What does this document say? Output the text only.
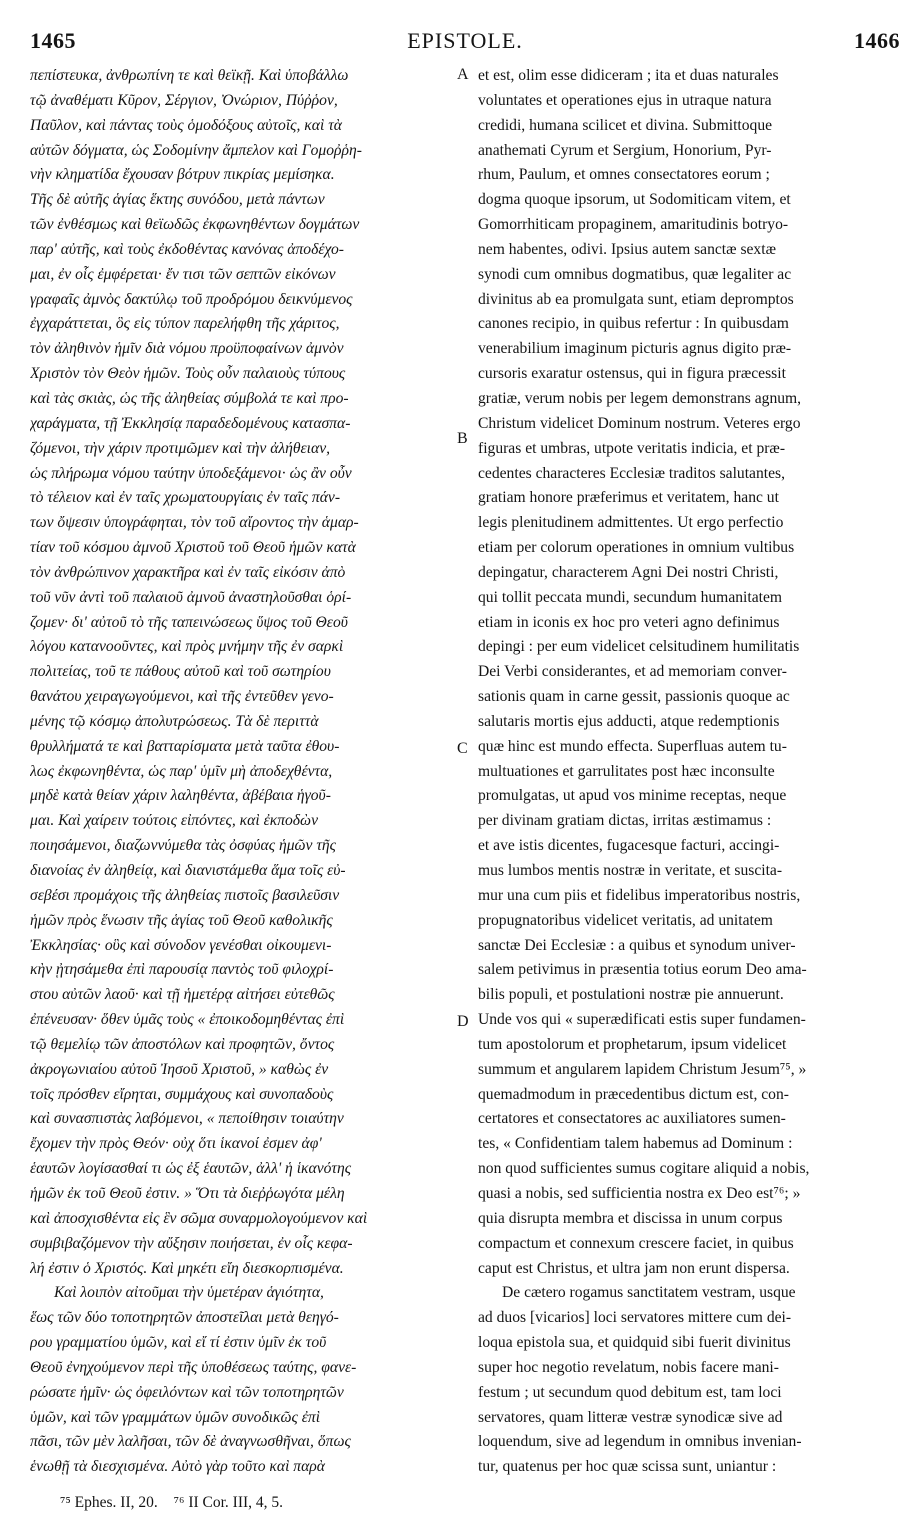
1465	EPISTOLE.	1466
πεπίστευκα, ἀνθρωπίνη τε καὶ θεϊκῇ. Καὶ ὑποβάλλω
τῷ ἀναθέματι Κῦρον, Σέργιον, Ὀνώριον, Πύῤῥον,
Παῦλον, καὶ πάντας τοὺς ὁμοδόξους αὐτοῖς, καὶ τὰ
αὐτῶν δόγματα, ὡς Σοδομίνην ἄμπελον καὶ Γομοῤῥη-
νὴν κληματίδα ἔχουσαν βότρυν πικρίας μεμίσηκα.
Τῆς δὲ αὐτῆς ἁγίας ἕκτης συνόδου, μετὰ πάντων
τῶν ἐνθέσμως καὶ θεϊωδῶς ἐκφωνηθέντων δογμάτων
παρ' αὐτῆς, καὶ τοὺς ἐκδοθέντας κανόνας ἀποδέχο-
μαι, ἐν οἷς ἐμφέρεται· ἔν τισι τῶν σεπτῶν εἰκόνων
γραφαῖς ἀμνὸς δακτύλῳ τοῦ προδρόμου δεικνύμενος
ἐγχαράττεται, ὃς εἰς τύπον παρελήφθη τῆς χάριτος,
τὸν ἀληθινὸν ἡμῖν διὰ νόμου προϋποφαίνων ἀμνὸν
Χριστὸν τὸν Θεὸν ἡμῶν. Τοὺς οὖν παλαιοὺς τύπους
καὶ τὰς σκιὰς, ὡς τῆς ἀληθείας σύμβολά τε καὶ προ-
χαράγματα, τῇ Ἐκκλησίᾳ παραδεδομένους κατασπα-
ζόμενοι, τὴν χάριν προτιμῶμεν καὶ τὴν ἀλήθειαν,
ὡς πλήρωμα νόμου ταύτην ὑποδεξάμενοι· ὡς ἂν οὖν
τὸ τέλειον καὶ ἐν ταῖς χρωματουργίαις ἐν ταῖς πάν-
των ὄψεσιν ὑπογράφηται, τὸν τοῦ αἴροντος τὴν ἁμαρ-
τίαν τοῦ κόσμου ἀμνοῦ Χριστοῦ τοῦ Θεοῦ ἡμῶν κατὰ
τὸν ἀνθρώπινον χαρακτῆρα καὶ ἐν ταῖς εἰκόσιν ἀπὸ
τοῦ νῦν ἀντὶ τοῦ παλαιοῦ ἀμνοῦ ἀναστηλοῦσθαι ὁρί-
ζομεν· δι' αὐτοῦ τὸ τῆς ταπεινώσεως ὕψος τοῦ Θεοῦ
λόγου κατανοοῦντες, καὶ πρὸς μνήμην τῆς ἐν σαρκὶ
πολιτείας, τοῦ τε πάθους αὐτοῦ καὶ τοῦ σωτηρίου
θανάτου χειραγωγούμενοι, καὶ τῆς ἐντεῦθεν γενο-
μένης τῷ κόσμῳ ἀπολυτρώσεως. Τὰ δὲ περιττὰ
θρυλλήματά τε καὶ βατταρίσματα μετὰ ταῦτα ἐθου-
λως ἐκφωνηθέντα, ὡς παρ' ὑμῖν μὴ ἀποδεχθέντα,
μηδὲ κατὰ θείαν χάριν λαληθέντα, ἀβέβαια ἡγοῦ-
μαι. Καὶ χαίρειν τούτοις εἰπόντες, καὶ ἐκποδὼν
ποιησάμενοι, διαζωννύμεθα τὰς ὀσφύας ἡμῶν τῆς
διανοίας ἐν ἀληθείᾳ, καὶ διανιστάμεθα ἅμα τοῖς εὐ-
σεβέσι προμάχοις τῆς ἀληθείας πιστοῖς βασιλεῦσιν
ἡμῶν πρὸς ἕνωσιν τῆς ἁγίας τοῦ Θεοῦ καθολικῆς
Ἐκκλησίας· οὓς καὶ σύνοδον γενέσθαι οἰκουμενι-
κὴν ᾐτησάμεθα ἐπὶ παρουσίᾳ παντὸς τοῦ φιλοχρί-
στου αὐτῶν λαοῦ· καὶ τῇ ἡμετέρᾳ αἰτήσει εὐτεθῶς
ἐπένευσαν· ὅθεν ὑμᾶς τοὺς « ἐποικοδομηθέντας ἐπὶ
τῷ θεμελίῳ τῶν ἀποστόλων καὶ προφητῶν, ὄντος
ἀκρογωνιαίου αὐτοῦ Ἰησοῦ Χριστοῦ, » καθὼς ἐν
τοῖς πρόσθεν εἴρηται, συμμάχους καὶ συνοπαδοὺς
καὶ συνασπιστὰς λαβόμενοι, « πεποίθησιν τοιαύτην
ἔχομεν τὴν πρὸς Θεόν· οὐχ ὅτι ἱκανοί ἐσμεν ἀφ'
ἑαυτῶν λογίσασθαί τι ὡς ἐξ ἑαυτῶν, ἀλλ' ἡ ἱκανότης
ἡμῶν ἐκ τοῦ Θεοῦ ἐστιν. » Ὅτι τὰ διεῤῥωγότα μέλη
καὶ ἀποσχισθέντα εἰς ἓν σῶμα συναρμολογούμενον καὶ
συμβιβαζόμενον τὴν αὔξησιν ποιήσεται, ἐν οἷς κεφα-
λή ἐστιν ὁ Χριστός. Καὶ μηκέτι εἴη διεσκορπισμένα.
Καὶ λοιπὸν αἰτοῦμαι τὴν ὑμετέραν ἁγιότητα,
ἕως τῶν δύο τοποτηρητῶν ἀποστεῖλαι μετὰ θεηγό-
ρου γραμματίου ὑμῶν, καὶ εἴ τί ἐστιν ὑμῖν ἐκ τοῦ
Θεοῦ ἐνηχούμενον περὶ τῆς ὑποθέσεως ταύτης, φανε-
ρώσατε ἡμῖν· ὡς ὀφειλόντων καὶ τῶν τοποτηρητῶν
ὑμῶν, καὶ τῶν γραμμάτων ὑμῶν συνοδικῶς ἐπὶ
πᾶσι, τῶν μὲν λαλῆσαι, τῶν δὲ ἀναγνωσθῆναι, ὅπως
ἑνωθῇ τὰ διεσχισμένα. Αὐτὸ γὰρ τοῦτο καὶ παρὰ
et est, olim esse didiceram ; ita et duas naturales
voluntates et operationes ejus in utraque natura
credidi, humana scilicet et divina. Submittoque
anathemati Cyrum et Sergium, Honorium, Pyr-
rhum, Paulum, et omnes consectatores eorum ;
dogma quoque ipsorum, ut Sodomiticam vitem, et
Gomorrhiticam propaginem, amaritudinis botryo-
nem habentes, odivi. Ipsius autem sanctæ sextæ
synodi cum omnibus dogmatibus, quæ legaliter ac
divinitus ab ea promulgata sunt, etiam depromptos
canones recipio, in quibus refertur : In quibusdam
venerabilium imaginum picturis agnus digito præ-
cursoris exaratur ostensus, qui in figura præcessit
gratiæ, verum nobis per legem demonstrans agnum,
Christum videlicet Dominum nostrum. Veteres ergo
figuras et umbras, utpote veritatis indicia, et præ-
cedentes characteres Ecclesiæ traditos salutantes,
gratiam honore præferimus et veritatem, hanc ut
legis plenitudinem admittentes. Ut ergo perfectio
etiam per colorum operationes in omnium vultibus
depingatur, characterem Agni Dei nostri Christi,
qui tollit peccata mundi, secundum humanitatem
etiam in iconis ex hoc pro veteri agno definimus
depingi : per eum videlicet celsitudinem humilitatis
Dei Verbi considerantes, et ad memoriam conver-
sationis quam in carne gessit, passionis quoque ac
salutaris mortis ejus adducti, atque redemptionis
quæ hinc est mundo effecta. Superfluas autem tu-
multuationes et garrulitates post hæc inconsulte
promulgatas, ut apud vos minime receptas, neque
per divinam gratiam dictas, irritas æstimamus :
et ave istis dicentes, fugacesque facturi, accingi-
mus lumbos mentis nostræ in veritate, et suscita-
mur una cum piis et fidelibus imperatoribus nostris,
propugnatoribus videlicet veritatis, ad unitatem
sanctæ Dei Ecclesiæ : a quibus et synodum univer-
salem petivimus in præsentia totius eorum Deo ama-
bilis populi, et postulationi nostræ pie annuerunt.
Unde vos qui « superædificati estis super fundamen-
tum apostolorum et prophetarum, ipsum videlicet
summum et angularem lapidem Christum Jesum⁷⁵, »
quemadmodum in præcedentibus dictum est, con-
certatores et consectatores ac auxiliatores sumen-
tes, « Confidentiam talem habemus ad Dominum :
non quod sufficientes sumus cogitare aliquid a nobis,
quasi a nobis, sed sufficientia nostra ex Deo est⁷⁶; »
quia disrupta membra et discissa in unum corpus
compactum et connexum crescere faciet, in quibus
caput est Christus, et ultra jam non erunt dispersa.
De cætero rogamus sanctitatem vestram, usque
ad duos [vicarios] loci servatores mittere cum dei-
loqua epistola sua, et quidquid sibi fuerit divinitus
super hoc negotio revelatum, nobis facere mani-
festum ; ut secundum quod debitum est, tam loci
servatores, quam litteræ vestræ synodicæ sive ad
loquendum, sive ad legendum in omnibus invenian-
tur, quatenus per hoc quæ scissa sunt, uniantur :
A
B
C
D
⁷⁵ Ephes. II, 20. ⁷⁶ II Cor. III, 4, 5.
